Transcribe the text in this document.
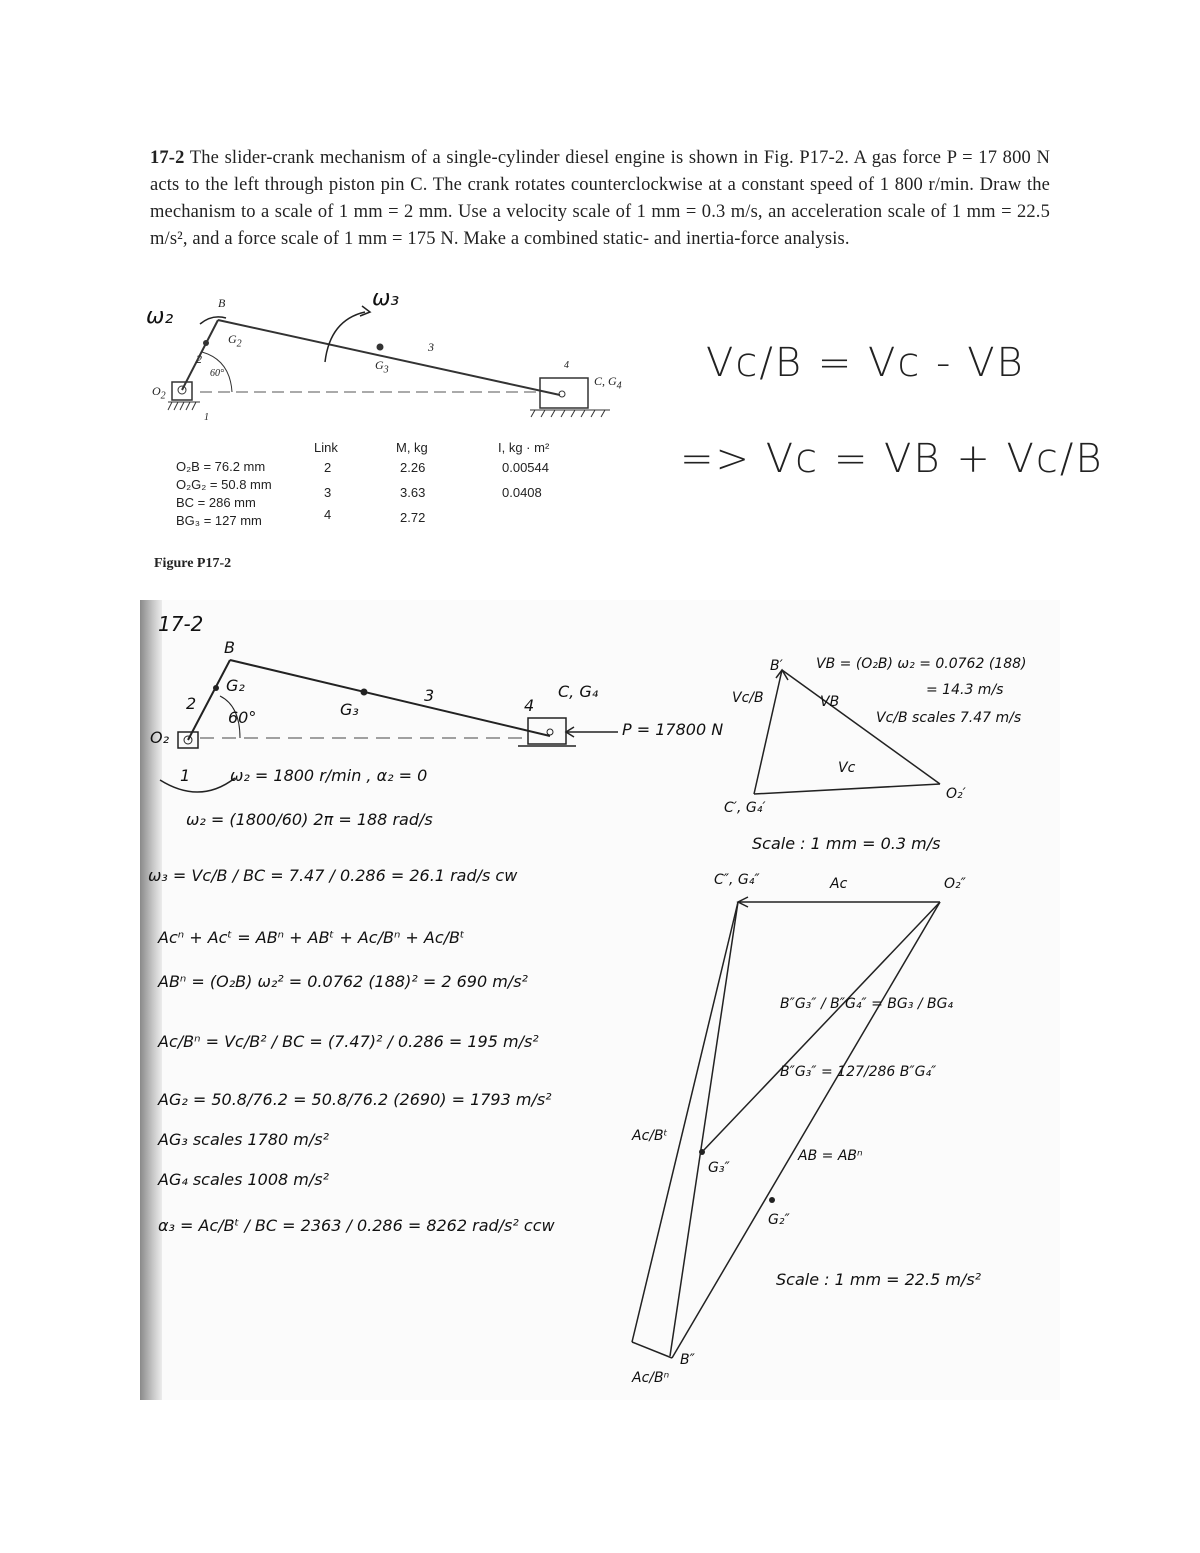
17-2 The slider-crank mechanism of a single-cylinder diesel engine is shown in Fig. P17-2. A gas force P = 17 800 N acts to the left through piston pin C. The crank rotates counterclockwise at a constant speed of 1 800 r/min. Draw the mechanism to a scale of 1 mm = 2 mm. Use a velocity scale of 1 mm = 0.3 m/s, an acceleration scale of 1 mm = 22.5 m/s², and a force scale of 1 mm = 175 N. Make a combined static- and inertia-force analysis.
B
$G_2$
2
60°
$G_3$
3
4
C, $G_4$
$O_2$
1
ω₂
ω₃
O₂B = 76.2 mm
O₂G₂ = 50.8 mm
BC = 286 mm
BG₃ = 127 mm
Link	M, kg	I, kg · m²
2	2.26	0.00544
3	3.63	0.0408
4	2.72
Figure P17-2
Vc/B = Vc - VB
=> Vc = VB + Vc/B
17-2
B
G₂
60°
2	G₃
3
4
C, G₄
O₂
1
P = 17800 N
ω₂ = 1800 r/min , α₂ = 0
ω₂ = (1800/60) 2π = 188 rad/s
ω₃ = Vc/B / BC = 7.47 / 0.286 = 26.1 rad/s cw
Acⁿ + Acᵗ = ABⁿ + ABᵗ + Ac/Bⁿ + Ac/Bᵗ
ABⁿ = (O₂B) ω₂² = 0.0762 (188)² = 2 690 m/s²
Ac/Bⁿ = Vc/B² / BC = (7.47)² / 0.286 = 195 m/s²
AG₂ = 50.8/76.2 = 50.8/76.2 (2690) = 1793 m/s²
AG₃ scales 1780 m/s²
AG₄ scales 1008 m/s²
α₃ = Ac/Bᵗ / BC = 2363 / 0.286 = 8262 rad/s² ccw
VB = (O₂B) ω₂ = 0.0762 (188)
= 14.3 m/s
Vc/B scales 7.47 m/s
Scale : 1 mm = 0.3 m/s
B′
Vc/B	VB
Vc
O₂′
C′, G₄′
C″, G₄″	Ac	O₂″
Ac/Bᵗ
G₃″
AB = ABⁿ
G₂″
Ac/Bⁿ
B″
B″G₃″ / B″G₄″ = BG₃ / BG₄
B″G₃″ = 127/286 B″G₄″
Scale : 1 mm = 22.5 m/s²
